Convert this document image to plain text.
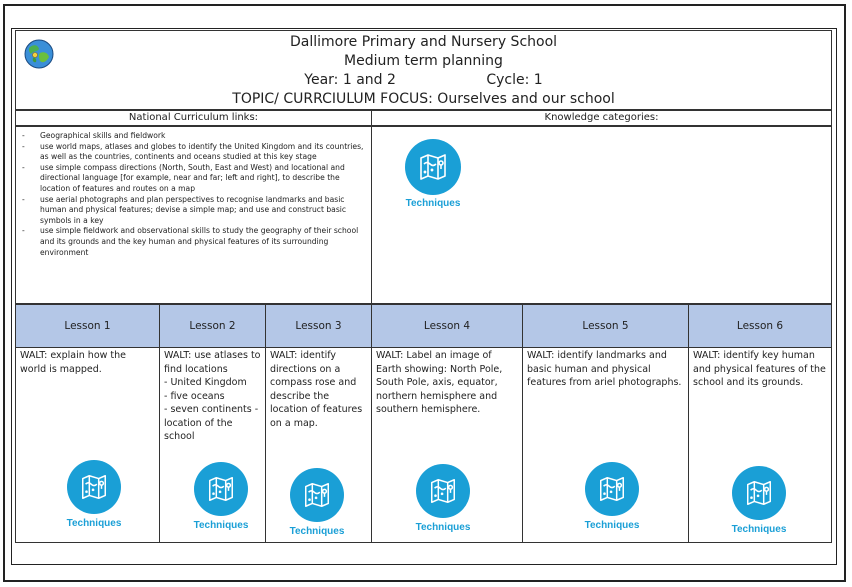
Dallimore Primary and Nursery School
Medium term planning
Year: 1 and 2	Cycle: 1
TOPIC/ CURRCIULUM FOCUS: Ourselves and our school
National Curriculum links:	Knowledge categories:
- Geographical skills and fieldwork
- use world maps, atlases and globes to identify the United Kingdom and its countries, as well as the countries, continents and oceans studied at this key stage
- use simple compass directions (North, South, East and West) and locational and directional language [for example, near and far; left and right], to describe the location of features and routes on a map
- use aerial photographs and plan perspectives to recognise landmarks and basic human and physical features; devise a simple map; and use and construct basic symbols in a key
- use simple fieldwork and observational skills to study the geography of their school and its grounds and the key human and physical features of its surrounding environment
Techniques
Lesson 1	Lesson 2	Lesson 3	Lesson 4	Lesson 5	Lesson 6
WALT: explain how the world is mapped.
Techniques
WALT: use atlases to find locations
- United Kingdom
- five oceans
- seven continents -
location of the school
Techniques
WALT: identify directions on a compass rose and describe the location of features on a map.
Techniques
WALT: Label an image of Earth showing: North Pole, South Pole, axis, equator, northern hemisphere and southern hemisphere.
Techniques
WALT: identify landmarks and basic human and physical features from ariel photographs.
Techniques
WALT: identify key human and physical features of the school and its grounds.
Techniques
